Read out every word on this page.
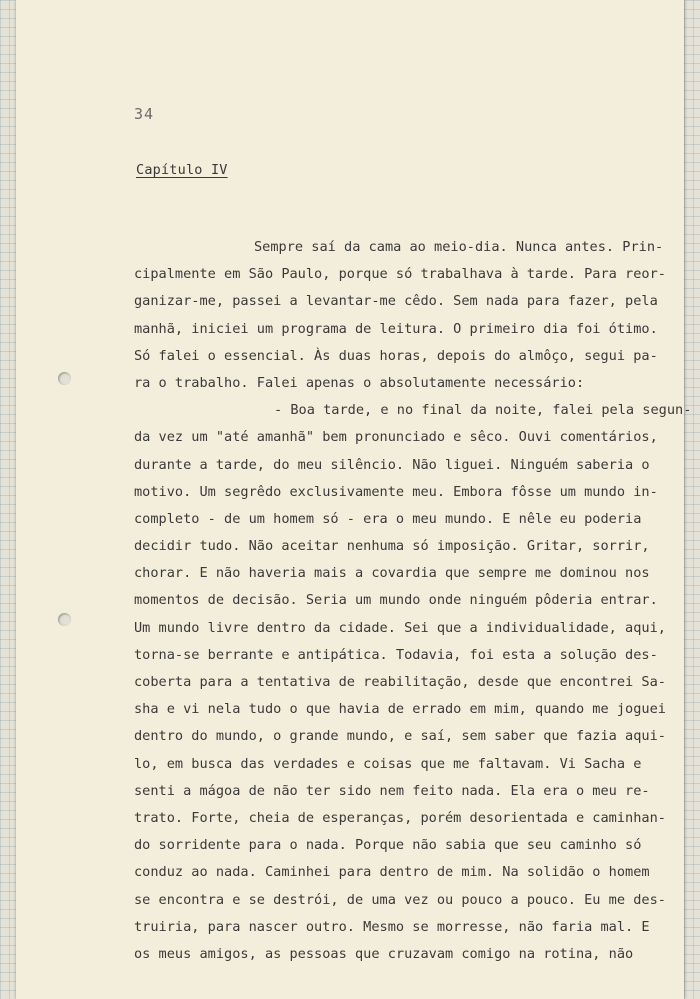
34
Capítulo IV
Sempre saí da cama ao meio-dia. Nunca antes. Prin-
cipalmente em São Paulo, porque só trabalhava à tarde. Para reor-
ganizar-me, passei a levantar-me cêdo. Sem nada para fazer, pela
manhã, iniciei um programa de leitura. O primeiro dia foi ótimo.
Só falei o essencial. Às duas horas, depois do almôço, segui pa-
ra o trabalho. Falei apenas o absolutamente necessário:
- Boa tarde, e no final da noite, falei pela segun-
da vez um "até amanhã" bem pronunciado e sêco. Ouvi comentários,
durante a tarde, do meu silêncio. Não liguei. Ninguém saberia o
motivo. Um segrêdo exclusivamente meu. Embora fôsse um mundo in-
completo - de um homem só - era o meu mundo. E nêle eu poderia
decidir tudo. Não aceitar nenhuma só imposição. Gritar, sorrir,
chorar. E não haveria mais a covardia que sempre me dominou nos
momentos de decisão. Seria um mundo onde ninguém pôderia entrar.
Um mundo livre dentro da cidade. Sei que a individualidade, aqui,
torna-se berrante e antipática. Todavia, foi esta a solução des-
coberta para a tentativa de reabilitação, desde que encontrei Sa-
sha e vi nela tudo o que havia de errado em mim, quando me joguei
dentro do mundo, o grande mundo, e saí, sem saber que fazia aqui-
lo, em busca das verdades e coisas que me faltavam. Vi Sacha e
senti a mágoa de não ter sido nem feito nada. Ela era o meu re-
trato. Forte, cheia de esperanças, porém desorientada e caminhan-
do sorridente para o nada. Porque não sabia que seu caminho só
conduz ao nada. Caminhei para dentro de mim. Na solidão o homem
se encontra e se destrói, de uma vez ou pouco a pouco. Eu me des-
truiria, para nascer outro. Mesmo se morresse, não faria mal. E
os meus amigos, as pessoas que cruzavam comigo na rotina, não
